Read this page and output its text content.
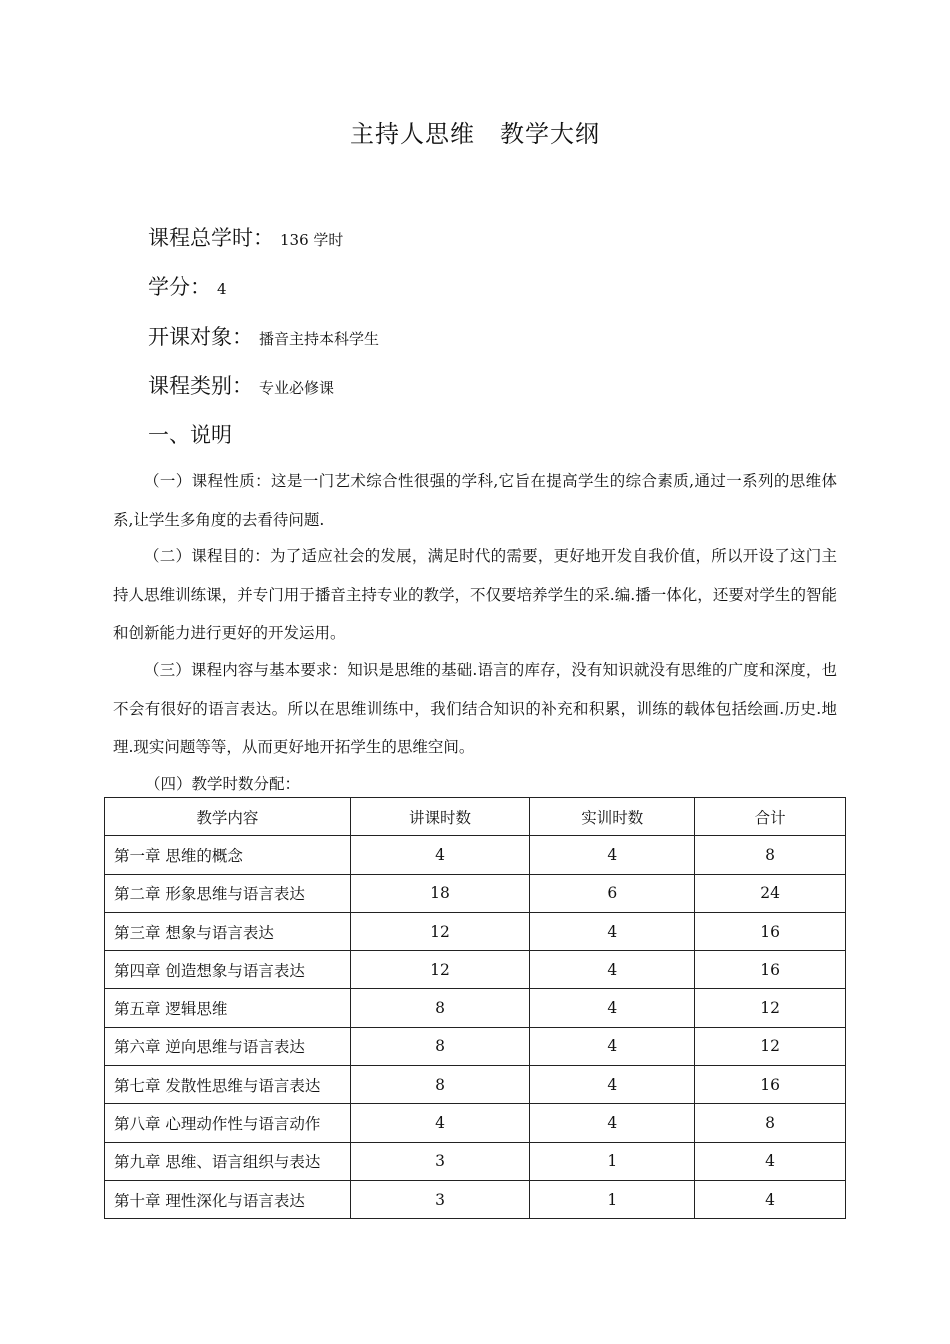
主持人思维　教学大纲
课程总学时： 136 学时
学分： 4
开课对象： 播音主持本科学生
课程类别： 专业必修课
一、说明

（一）课程性质：这是一门艺术综合性很强的学科,它旨在提高学生的综合素质,通过一系列的思维体系,让学生多角度的去看待问题.

（二）课程目的：为了适应社会的发展，满足时代的需要，更好地开发自我价值，所以开设了这门主持人思维训练课，并专门用于播音主持专业的教学，不仅要培养学生的采.编.播一体化，还要对学生的智能和创新能力进行更好的开发运用。

（三）课程内容与基本要求：知识是思维的基础.语言的库存，没有知识就没有思维的广度和深度，也不会有很好的语言表达。所以在思维训练中，我们结合知识的补充和积累，训练的载体包括绘画.历史.地理.现实问题等等，从而更好地开拓学生的思维空间。

（四）教学时数分配：
教学内容	讲课时数	实训时数	合计
第一章 思维的概念	4	4	8
第二章 形象思维与语言表达	18	6	24
第三章 想象与语言表达	12	4	16
第四章 创造想象与语言表达	12	4	16
第五章 逻辑思维	8	4	12
第六章 逆向思维与语言表达	8	4	12
第七章 发散性思维与语言表达	8	4	16
第八章 心理动作性与语言动作	4	4	8
第九章 思维、语言组织与表达	3	1	4
第十章 理性深化与语言表达	3	1	4
